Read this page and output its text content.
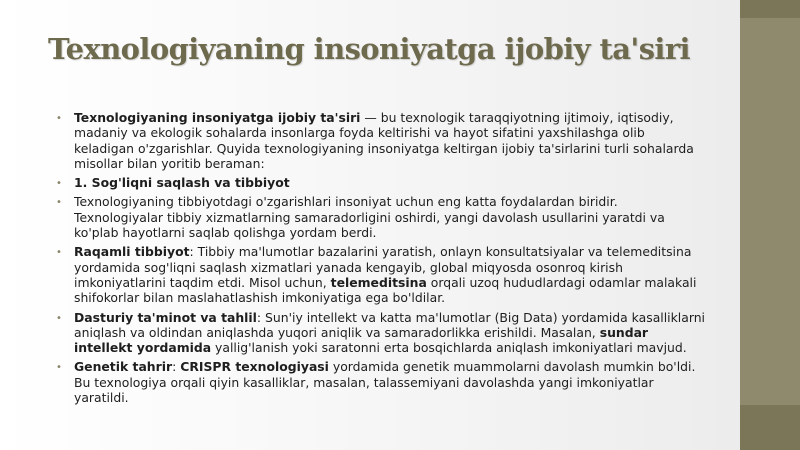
Texnologiyaning insoniyatga ijobiy ta'siri
• Texnologiyaning insoniyatga ijobiy ta'siri — bu texnologik taraqqiyotning ijtimoiy, iqtisodiy, madaniy va ekologik sohalarda insonlarga foyda keltirishi va hayot sifatini yaxshilashga olib keladigan o'zgarishlar. Quyida texnologiyaning insoniyatga keltirgan ijobiy ta'sirlarini turli sohalarda misollar bilan yoritib beraman:
• 1. Sog'liqni saqlash va tibbiyot
• Texnologiyaning tibbiyotdagi o'zgarishlari insoniyat uchun eng katta foydalardan biridir. Texnologiyalar tibbiy xizmatlarning samaradorligini oshirdi, yangi davolash usullarini yaratdi va ko'plab hayotlarni saqlab qolishga yordam berdi.
• Raqamli tibbiyot: Tibbiy ma'lumotlar bazalarini yaratish, onlayn konsultatsiyalar va telemeditsina yordamida sog'liqni saqlash xizmatlari yanada kengayib, global miqyosda osonroq kirish imkoniyatlarini taqdim etdi. Misol uchun, telemeditsina orqali uzoq hududlardagi odamlar malakali shifokorlar bilan maslahatlashish imkoniyatiga ega bo'ldilar.
• Dasturiy ta'minot va tahlil: Sun'iy intellekt va katta ma'lumotlar (Big Data) yordamida kasalliklarni aniqlash va oldindan aniqlashda yuqori aniqlik va samaradorlikka erishildi. Masalan, sundar intellekt yordamida yallig'lanish yoki saratonni erta bosqichlarda aniqlash imkoniyatlari mavjud.
• Genetik tahrir: CRISPR texnologiyasi yordamida genetik muammolarni davolash mumkin bo'ldi. Bu texnologiya orqali qiyin kasalliklar, masalan, talassemiyani davolashda yangi imkoniyatlar yaratildi.
